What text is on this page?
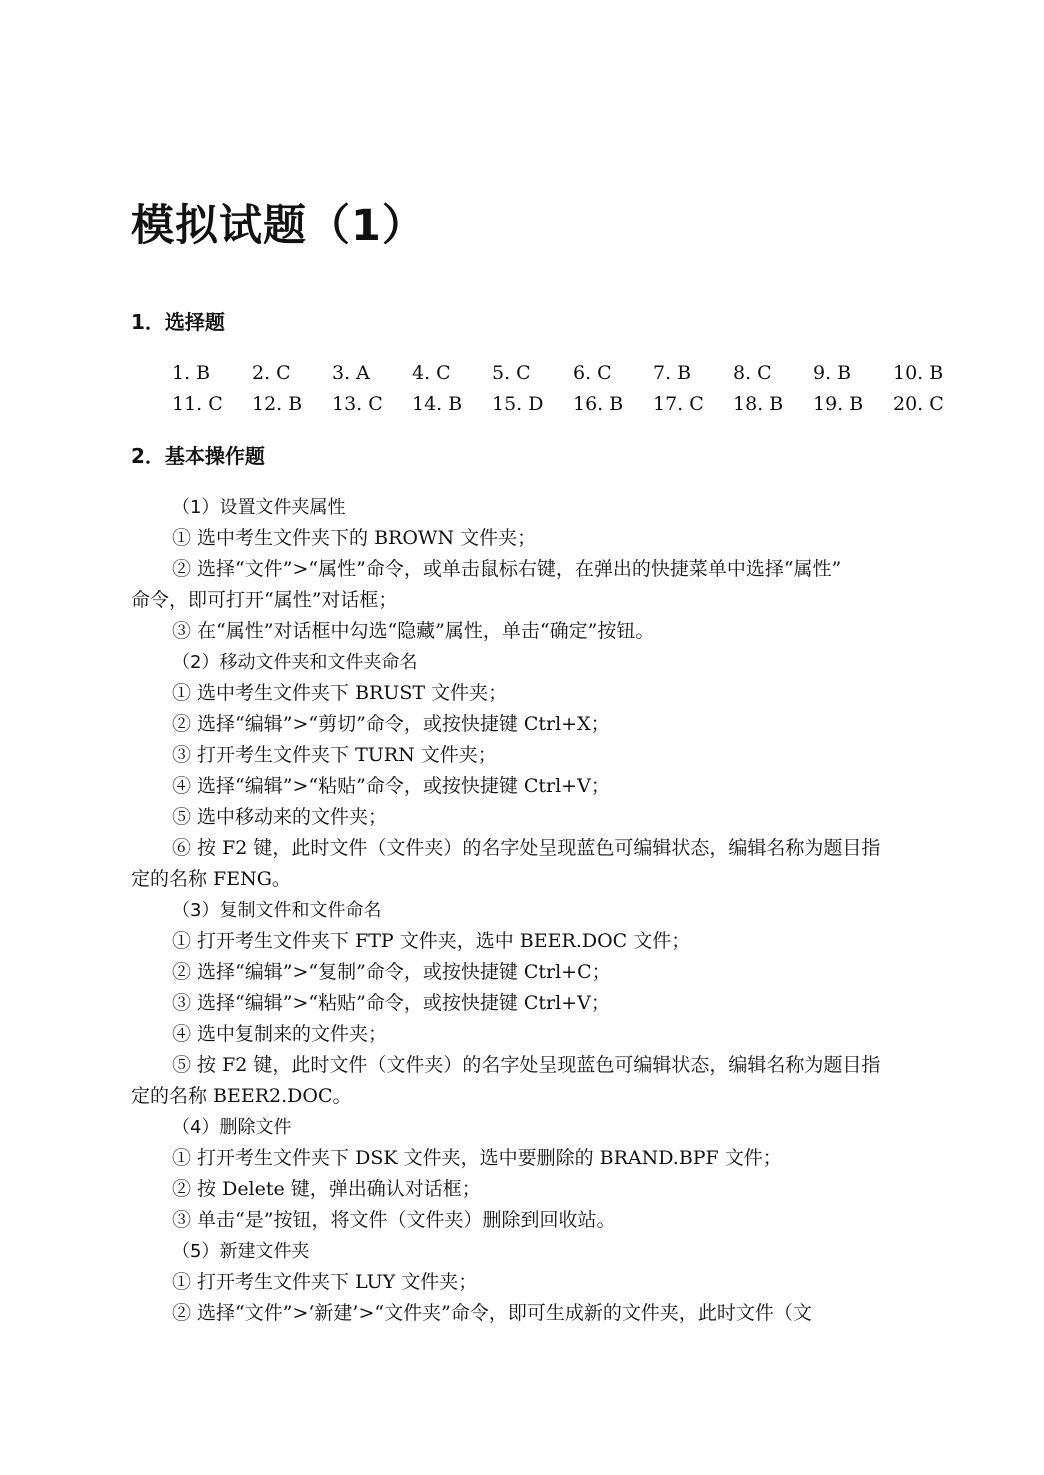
模拟试题（1）
1．选择题
1. B 2. C 3. A 4. C 5. C 6. C 7. B 8. C 9. B 10. B
11. C 12. B 13. C 14. B 15. D 16. B 17. C 18. B 19. B 20. C
2．基本操作题
（1）设置文件夹属性
① 选中考生文件夹下的 BROWN 文件夹；
② 选择“文件”>“属性”命令，或单击鼠标右键，在弹出的快捷菜单中选择“属性”
命令，即可打开“属性”对话框；
③ 在“属性”对话框中勾选“隐藏”属性，单击“确定”按钮。
（2）移动文件夹和文件夹命名
① 选中考生文件夹下 BRUST 文件夹；
② 选择“编辑”>“剪切”命令，或按快捷键 Ctrl+X；
③ 打开考生文件夹下 TURN 文件夹；
④ 选择“编辑”>“粘贴”命令，或按快捷键 Ctrl+V；
⑤ 选中移动来的文件夹；
⑥ 按 F2 键，此时文件（文件夹）的名字处呈现蓝色可编辑状态，编辑名称为题目指
定的名称 FENG。
（3）复制文件和文件命名
① 打开考生文件夹下 FTP 文件夹，选中 BEER.DOC 文件；
② 选择“编辑”>“复制”命令，或按快捷键 Ctrl+C；
③ 选择“编辑”>“粘贴”命令，或按快捷键 Ctrl+V；
④ 选中复制来的文件夹；
⑤ 按 F2 键，此时文件（文件夹）的名字处呈现蓝色可编辑状态，编辑名称为题目指
定的名称 BEER2.DOC。
（4）删除文件
① 打开考生文件夹下 DSK 文件夹，选中要删除的 BRAND.BPF 文件；
② 按 Delete 键，弹出确认对话框；
③ 单击“是”按钮，将文件（文件夹）删除到回收站。
（5）新建文件夹
① 打开考生文件夹下 LUY 文件夹；
② 选择“文件”>‘新建’>“文件夹”命令，即可生成新的文件夹，此时文件（文
